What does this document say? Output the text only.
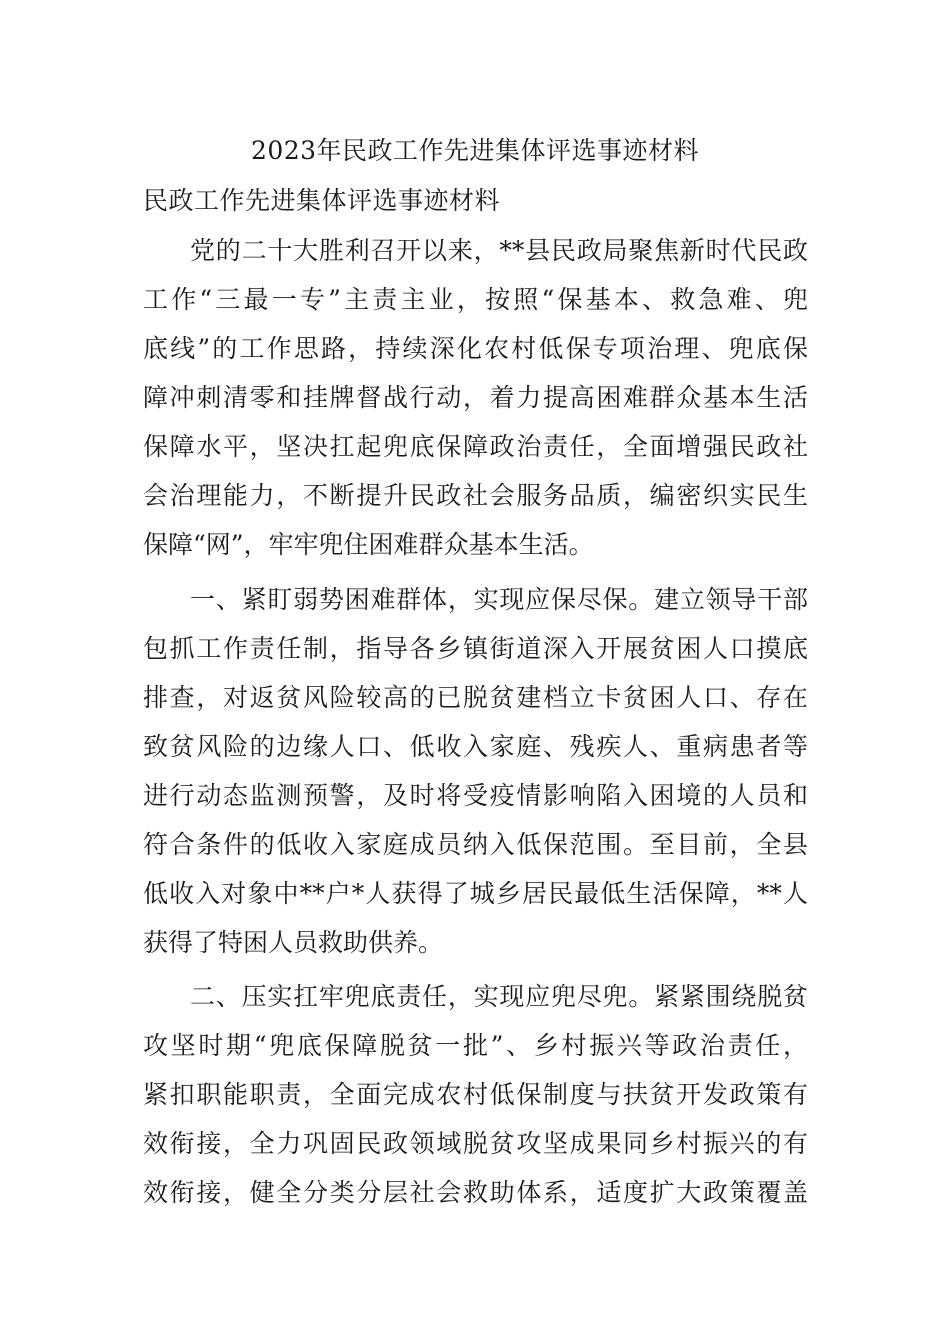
2023年民政工作先进集体评选事迹材料
民政工作先进集体评选事迹材料

党的二十大胜利召开以来，**县民政局聚焦新时代民政

工作“三最一专”主责主业，按照“保基本、救急难、兜

底线”的工作思路，持续深化农村低保专项治理、兜底保

障冲刺清零和挂牌督战行动，着力提高困难群众基本生活

保障水平，坚决扛起兜底保障政治责任，全面增强民政社

会治理能力，不断提升民政社会服务品质，编密织实民生

保障“网”，牢牢兜住困难群众基本生活。

一、紧盯弱势困难群体，实现应保尽保。建立领导干部

包抓工作责任制，指导各乡镇街道深入开展贫困人口摸底

排查，对返贫风险较高的已脱贫建档立卡贫困人口、存在

致贫风险的边缘人口、低收入家庭、残疾人、重病患者等

进行动态监测预警，及时将受疫情影响陷入困境的人员和

符合条件的低收入家庭成员纳入低保范围。至目前，全县

低收入对象中**户*人获得了城乡居民最低生活保障，**人

获得了特困人员救助供养。

二、压实扛牢兜底责任，实现应兜尽兜。紧紧围绕脱贫

攻坚时期“兜底保障脱贫一批”、乡村振兴等政治责任，

紧扣职能职责，全面完成农村低保制度与扶贫开发政策有

效衔接，全力巩固民政领域脱贫攻坚成果同乡村振兴的有

效衔接，健全分类分层社会救助体系，适度扩大政策覆盖
